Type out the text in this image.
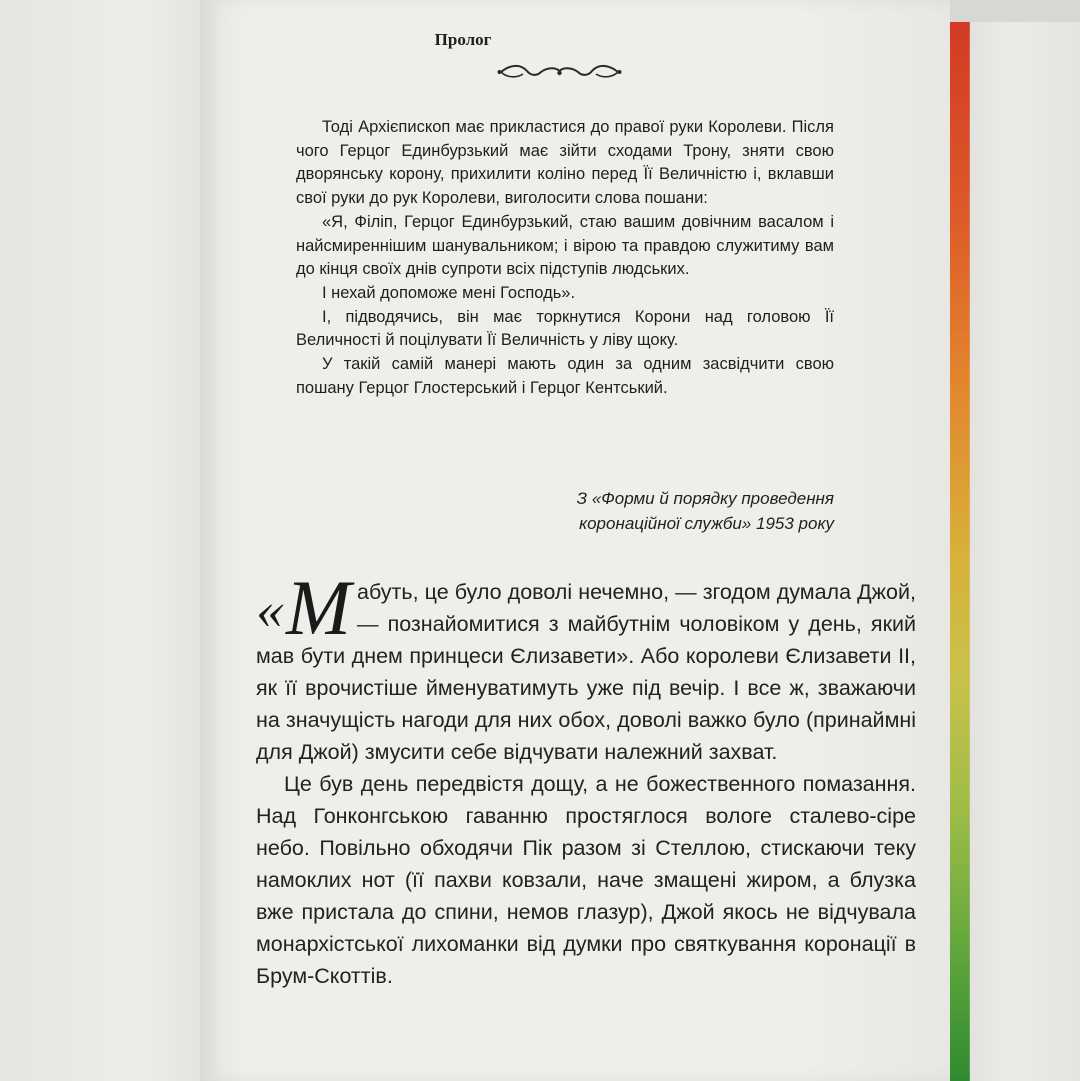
Пролог

Тоді Архієпископ має прикластися до правої руки Королеви. Після чого Герцог Единбурзький має зійти сходами Трону, зняти свою дворянську корону, прихилити коліно перед Її Величністю і, вклавши свої руки до рук Королеви, виголосити слова пошани:

«Я, Філіп, Герцог Единбурзький, стаю вашим довічним васалом і найсмиреннішим шанувальником; і вірою та правдою служитиму вам до кінця своїх днів супроти всіх підступів людських.

І нехай допоможе мені Господь».

І, підводячись, він має торкнутися Корони над головою Її Величності й поцілувати Її Величність у ліву щоку.

У такій самій манері мають один за одним засвідчити свою пошану Герцог Глостерський і Герцог Кентський.

З «Форми й порядку проведення
коронаційної служби» 1953 року

«М абуть, це було доволі нечемно, — згодом думала Джой, — познайомитися з майбутнім чоловіком у день, який мав бути днем принцеси Єлизавети». Або королеви Єлизавети II, як її врочистіше йменуватимуть уже під вечір. І все ж, зважаючи на значущість нагоди для них обох, доволі важко було (принаймні для Джой) змусити себе відчувати належний захват.

Це був день передвістя дощу, а не божественного помазання. Над Гонконгською гаванню простяглося вологе сталево-сіре небо. Повільно обходячи Пік разом зі Стеллою, стискаючи теку намоклих нот (її пахви ковзали, наче змащені жиром, а блузка вже пристала до спини, немов глазур), Джой якось не відчувала монархістської лихоманки від думки про святкування коронації в Брум-Скоттів.
